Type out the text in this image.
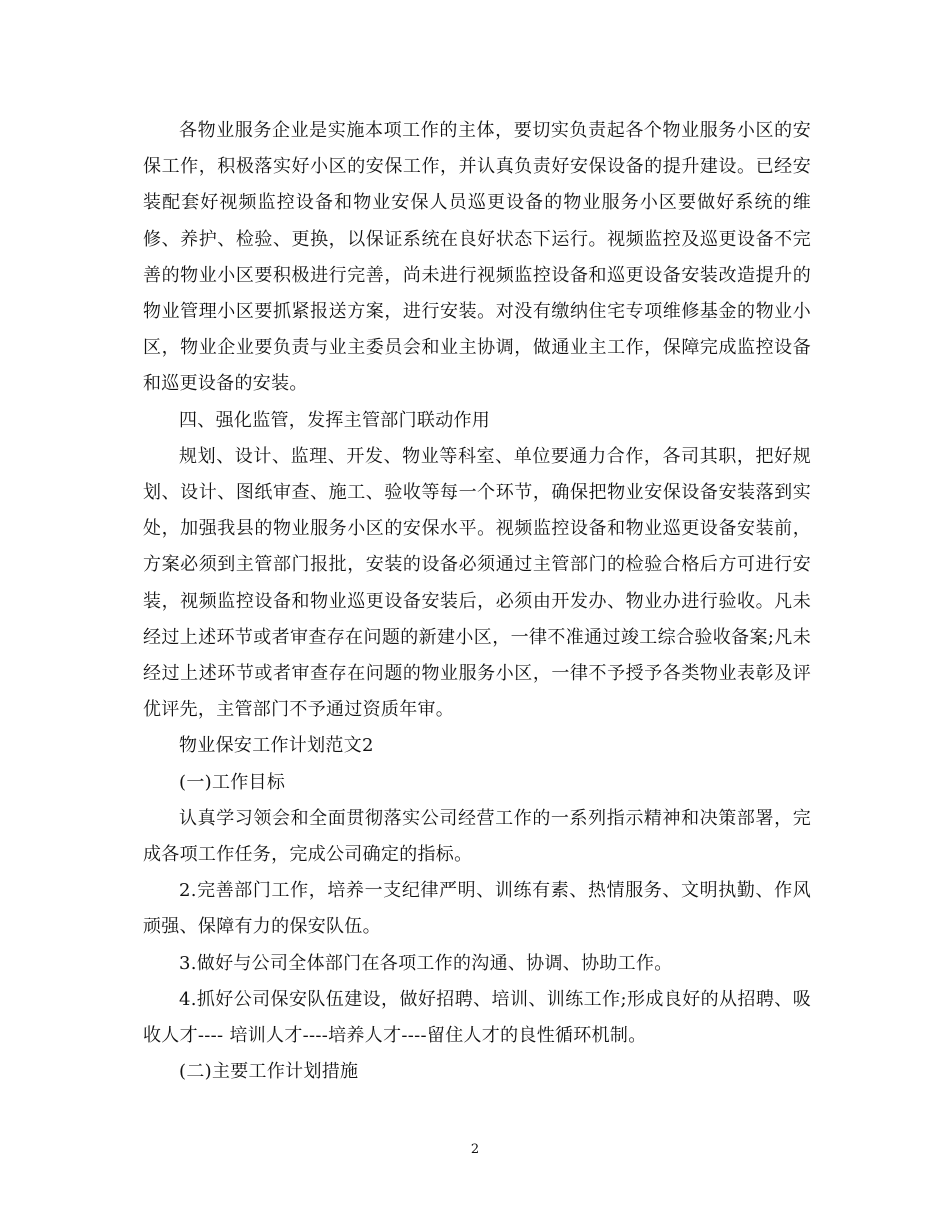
各物业服务企业是实施本项工作的主体，要切实负责起各个物业服务小区的安保工作，积极落实好小区的安保工作，并认真负责好安保设备的提升建设。已经安装配套好视频监控设备和物业安保人员巡更设备的物业服务小区要做好系统的维修、养护、检验、更换，以保证系统在良好状态下运行。视频监控及巡更设备不完善的物业小区要积极进行完善，尚未进行视频监控设备和巡更设备安装改造提升的物业管理小区要抓紧报送方案，进行安装。对没有缴纳住宅专项维修基金的物业小区，物业企业要负责与业主委员会和业主协调，做通业主工作，保障完成监控设备和巡更设备的安装。

四、强化监管，发挥主管部门联动作用

规划、设计、监理、开发、物业等科室、单位要通力合作，各司其职，把好规划、设计、图纸审查、施工、验收等每一个环节，确保把物业安保设备安装落到实处，加强我县的物业服务小区的安保水平。视频监控设备和物业巡更设备安装前，方案必须到主管部门报批，安装的设备必须通过主管部门的检验合格后方可进行安装，视频监控设备和物业巡更设备安装后，必须由开发办、物业办进行验收。凡未经过上述环节或者审查存在问题的新建小区，一律不准通过竣工综合验收备案;凡未经过上述环节或者审查存在问题的物业服务小区，一律不予授予各类物业表彰及评优评先，主管部门不予通过资质年审。

物业保安工作计划范文2

(一)工作目标

认真学习领会和全面贯彻落实公司经营工作的一系列指示精神和决策部署，完成各项工作任务，完成公司确定的指标。

2.完善部门工作，培养一支纪律严明、训练有素、热情服务、文明执勤、作风顽强、保障有力的保安队伍。

3.做好与公司全体部门在各项工作的沟通、协调、协助工作。

4.抓好公司保安队伍建设，做好招聘、培训、训练工作;形成良好的从招聘、吸收人才---- 培训人才----培养人才----留住人才的良性循环机制。

(二)主要工作计划措施

2
